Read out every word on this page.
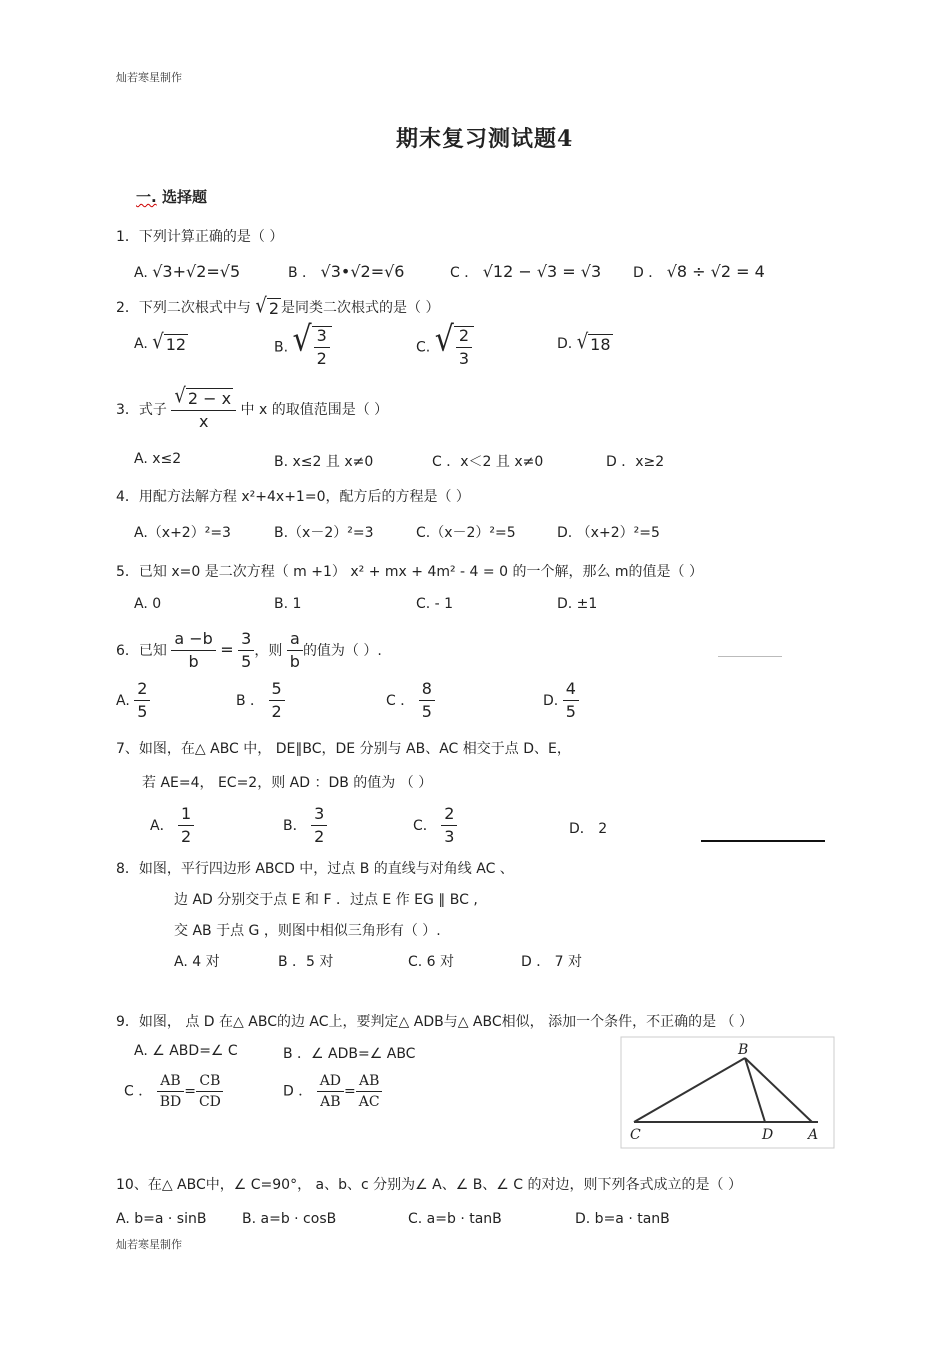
灿若寒星制作
期末复习测试题4
一. 选择题
1．下列计算正确的是（ ）
A. √3+√2=√5	B ． √3•√2=√6	C ． √12 − √3 = √3 D ． √8 ÷ √2 = 4
2．下列二次根式中与 √ 2 是同类二次根式的是（ ）
A. √ 12	B. √ $\frac{3}{2}$	C. √ $\frac{2}{3}$	D. √ 18
3．式子 $\frac{√ 2 - x}{x}$ 中 x 的取值范围是（ ）
A. x≤2	B. x≤2 且 x≠0	C ．x＜2 且 x≠0	D ．x≥2
4．用配方法解方程 x²+4x+1=0，配方后的方程是（ ）
A.（x+2）²=3	B.（x－2）²=3	C.（x－2）²=5	D. （x+2）²=5
5．已知 x=0 是二次方程（ m +1） x² + mx + 4m² - 4 = 0 的一个解，那么 m的值是（ ）
A. 0	B. 1	C. - 1	D. ±1
6．已知 $\frac{a -b}{b} = \frac{3}{5}$ ，则 $\frac{a}{b}$ 的值为（ ）.
A. $\frac{2}{5}$	B ． $\frac{5}{2}$	C ． $\frac{8}{5}$	D. $\frac{4}{5}$
7、如图，在△ ABC 中， DE∥BC，DE 分别与 AB、AC 相交于点 D、E，
若 AE=4， EC=2，则 AD ：DB 的值为 （ ）
A． $\frac{1}{2}$	B． $\frac{3}{2}$	C． $\frac{2}{3}$	D． 2
8．如图，平行四边形 ABCD 中，过点 B 的直线与对角线 AC 、
边 AD 分别交于点 E 和 F ．过点 E 作 EG ∥ BC ,
交 AB 于点 G ，则图中相似三角形有（ ）.
A. 4 对	B ．5 对	C. 6 对	D ． 7 对
9．如图， 点 D 在△ ABC的边 AC上，要判定△ ADB与△ ABC相似， 添加一个条件，不正确的是 （ ）
A. ∠ ABD=∠ C	B ．∠ ADB=∠ ABC
C ． $\frac{AB}{BD} = \frac{CB}{CD}$	D ． $\frac{AD}{AB} = \frac{AB}{AC}$
B
C	D A
10、在△ ABC中，∠ C=90°， a、b、c 分别为∠ A、∠ B、∠ C 的对边，则下列各式成立的是（ ）
A. b=a · sinB	B. a=b · cosB	C. a=b · tanB	D. b=a · tanB
灿若寒星制作
